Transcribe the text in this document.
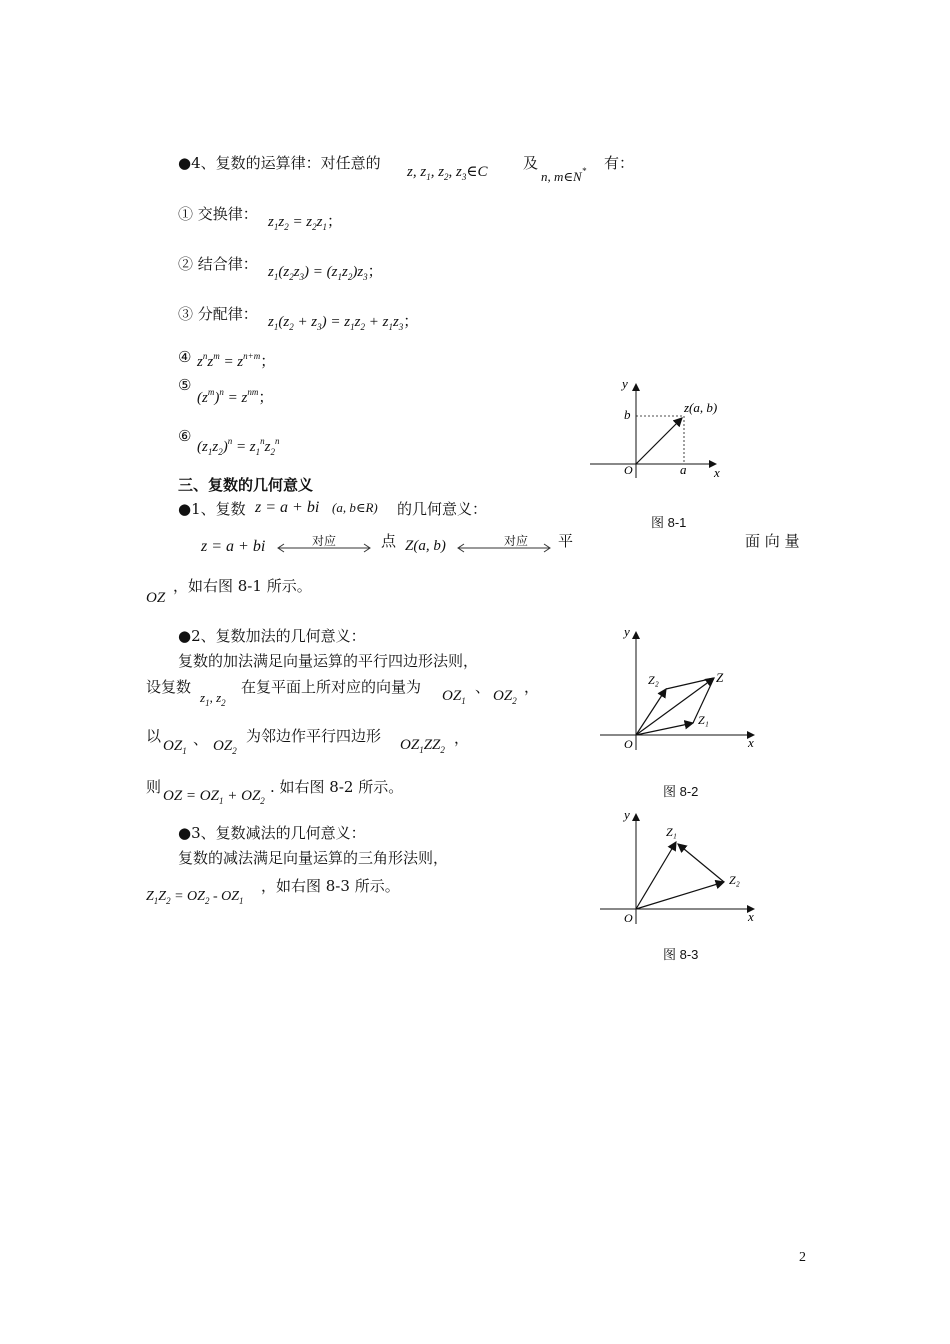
●4、复数的运算律：对任意的 z, $z_1$, $z_2$, $z_3\in C$ 及
n, m∈N* 有：
① 交换律： $z_1z_2 = z_2z_1$；
② 结合律： $z_1(z_2z_3) = (z_1z_2)z_3$；
③ 分配律： $z_1(z_2 + z_3) = z_1z_2 + z_1z_3$；
④ $z^nz^m = z^{n+m}$；
⑤
$(z^m)^n = z^{nm}$；
⑥
$(z_1z_2)^n = z_1^nz_2^n$
三、复数的几何意义
●1、复数 z = a + bi (a, b∈R) 的几何意义：
z = a + bi	对应	点 Z(a, b)	对应 平	面 向 量
OZ
，如右图 8-1 所示。
●2、复数加法的几何意义：
复数的加法满足向量运算的平行四边形法则，
设复数
$z_1$, $z_2$
在复平面上所对应的向量为 $OZ_1$
、 $OZ_2$
，
以
$OZ_1$
、 $OZ_2$
为邻边作平行四边形 $OZ_1ZZ_2$
，
则 OZ = $OZ_1 + OZ_2$
. 如右图 8-2 所示。
●3、复数减法的几何意义：
复数的减法满足向量运算的三角形法则，
$Z_1Z_2 = OZ_2 - OZ_1$
，如右图 8-3 所示。
y
x
O	a
b	z(a, b)
图 8-1
y
x
O
Z
Z₂
Z₁
图 8-2
y
x
O
Z₁
Z₂
图 8-3
2
